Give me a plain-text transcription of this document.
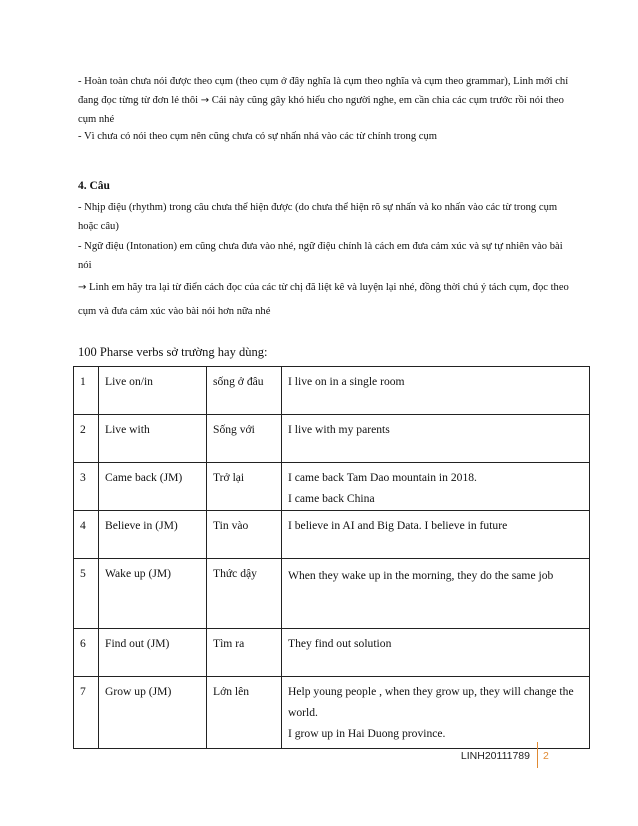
- Hoàn toàn chưa nói được theo cụm (theo cụm ở đây nghĩa là cụm theo nghĩa và cụm theo grammar), Linh mới chỉ đang đọc từng từ đơn lẻ thôi → Cái này cũng gây khó hiểu cho người nghe, em cần chia các cụm trước rồi nói theo cụm nhé
- Vì chưa có nói theo cụm nên cũng chưa có sự nhấn nhá vào các từ chính trong cụm
4. Câu
- Nhịp điệu (rhythm) trong câu chưa thể hiện được (do chưa thể hiện rõ sự nhấn và ko nhấn vào các từ trong cụm hoặc câu)
- Ngữ điệu (Intonation) em cũng chưa đưa vào nhé, ngữ điệu chính là cách em đưa cảm xúc và sự tự nhiên vào bài nói
→ Linh em hãy tra lại từ điển cách đọc của các từ chị đã liệt kê và luyện lại nhé, đồng thời chú ý tách cụm, đọc theo cụm và đưa cảm xúc vào bài nói hơn nữa nhé
100 Pharse verbs sở trường hay dùng:
1	Live on/in	sống ở đâu	I live on in a single room

2	Live with	Sống với	I live with my parents

3	Came back (JM)	Trở lại	I came back Tam Dao mountain in 2018.
I came back China

4	Believe in (JM)	Tin vào	I believe in AI and Big Data. I believe in future

5	Wake up (JM)	Thức dậy	When they wake up in the morning, they do the same job

6	Find out (JM)	Tìm ra	They find out solution

7	Grow up (JM)	Lớn lên	Help young people , when they grow up, they will change the world.
I grow up in Hai Duong province.
LINH20111789 2
